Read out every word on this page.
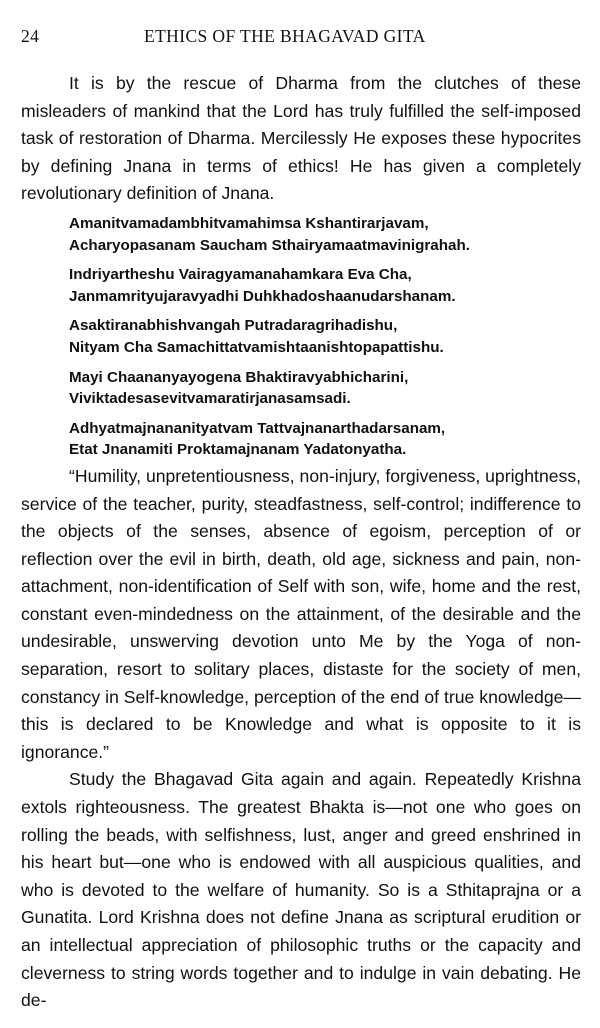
24	ETHICS OF THE BHAGAVAD GITA

It is by the rescue of Dharma from the clutches of these misleaders of mankind that the Lord has truly fulfilled the self-imposed task of restoration of Dharma. Mercilessly He exposes these hypocrites by defining Jnana in terms of ethics! He has given a completely revolutionary definition of Jnana.

Amanitvamadambhitvamahimsa Kshantirarjavam,
Acharyopasanam Saucham Sthairyamaatmavinigrahah.
Indriyartheshu Vairagyamanahamkara Eva Cha,
Janmamrityujaravyadhi Duhkhadoshaanudarshanam.
Asaktiranabhishvangah Putradaragrihadishu,
Nityam Cha Samachittatvamishtaanishtopapattishu.
Mayi Chaananyayogena Bhaktiravyabhicharini,
Viviktadesasevitvamaratirjanasamsadi.
Adhyatmajnananityatvam Tattvajnanarthadarsanam,
Etat Jnanamiti Proktamajnanam Yadatonyatha.

“Humility, unpretentiousness, non-injury, forgiveness, uprightness, service of the teacher, purity, steadfastness, self-control; indifference to the objects of the senses, absence of egoism, perception of or reflection over the evil in birth, death, old age, sickness and pain, non-attachment, non-identification of Self with son, wife, home and the rest, constant even-mindedness on the attainment, of the desirable and the undesirable, unswerving devotion unto Me by the Yoga of non-separation, resort to solitary places, distaste for the society of men, constancy in Self-knowledge, perception of the end of true knowledge—this is declared to be Knowledge and what is opposite to it is ignorance.”

Study the Bhagavad Gita again and again. Repeatedly Krishna extols righteousness. The greatest Bhakta is—not one who goes on rolling the beads, with selfishness, lust, anger and greed enshrined in his heart but—one who is endowed with all auspicious qualities, and who is devoted to the welfare of humanity. So is a Sthitaprajna or a Gunatita. Lord Krishna does not define Jnana as scriptural erudition or an intellectual appreciation of philosophic truths or the capacity and cleverness to string words together and to indulge in vain debating. He de-
